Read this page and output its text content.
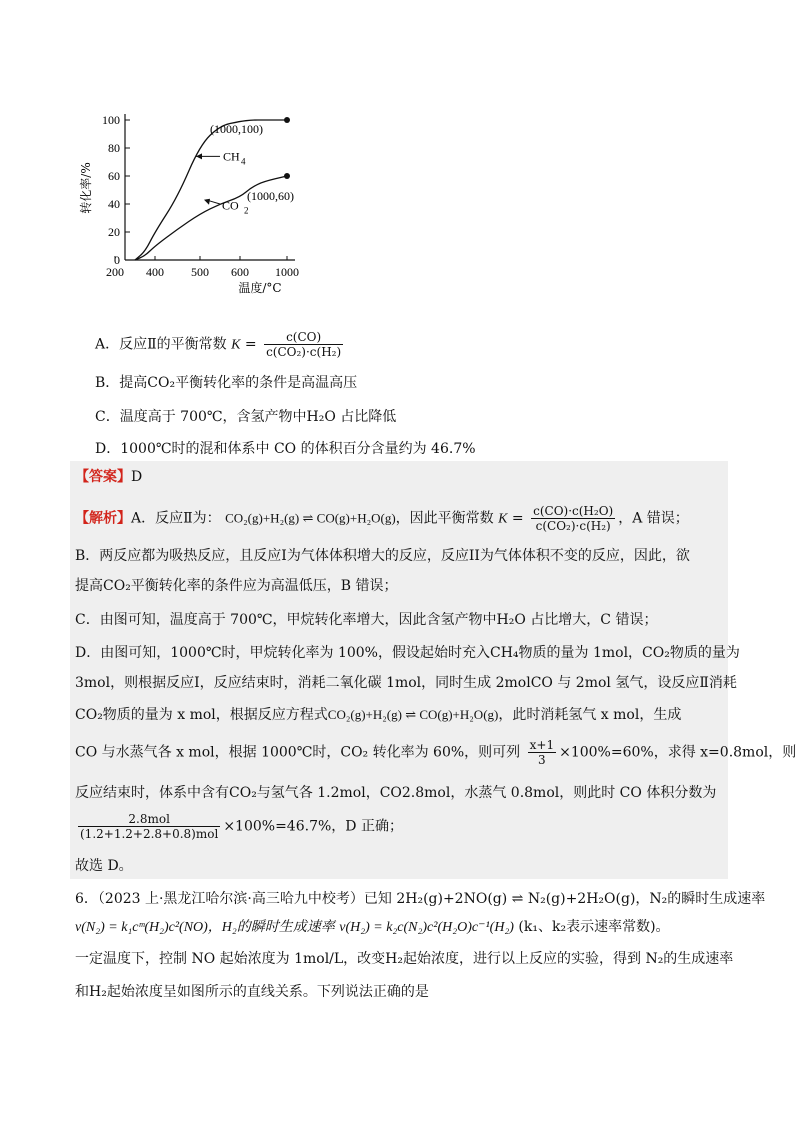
0
20
40
60
80
100
200 400 500 600 1000
温度/°C
转化率/%
(1000,100)
(1000,60)
CH 4
CO 2
A．反应Ⅱ的平衡常数 $K = \frac{c(CO)}{\text{c(CO₂)·c(H₂)}}$
B．提高CO₂平衡转化率的条件是高温高压
C．温度高于 700℃，含氢产物中H₂O 占比降低
D．1000℃时的混和体系中 CO 的体积百分含量约为 46.7%
【答案】D
【解析】A．反应Ⅱ为： CO₂(g)+H₂(g) ⇌ CO(g)+H₂O(g)，因此平衡常数 $K = \frac{\text{c(CO)·c(H₂O)}}{\text{c(CO₂)·c(H₂)}}$ ，A 错误；
B．两反应都为吸热反应，且反应Ⅰ为气体体积增大的反应，反应ⅠⅠ为气体体积不变的反应，因此，欲
提高CO₂平衡转化率的条件应为高温低压，B 错误；
C．由图可知，温度高于 700℃，甲烷转化率增大，因此含氢产物中H₂O 占比增大，C 错误；
D．由图可知，1000℃时，甲烷转化率为 100%，假设起始时充入CH₄物质的量为 1mol，CO₂物质的量为
3mol，则根据反应Ⅰ，反应结束时，消耗二氧化碳 1mol，同时生成 2molCO 与 2mol 氢气，设反应Ⅱ消耗
CO₂物质的量为 x mol，根据反应方程式CO₂(g)+H₂(g) ⇌ CO(g)+H₂O(g)，此时消耗氢气 x mol，生成
CO 与水蒸气各 x mol，根据 1000℃时，CO₂ 转化率为 60%，则可列 $\frac{x+1}{3} \times 100\%=60\%$，求得 x=0.8mol，则
反应结束时，体系中含有CO₂与氢气各 1.2mol，CO2.8mol，水蒸气 0.8mol，则此时 CO 体积分数为
$\frac{\text{2.8mol}}{\text{(1.2+1.2+2.8+0.8)mol}} \times 100\%=46.7\%$，D 正确；
故选 D。
6．（2023 上·黑龙江哈尔滨·高三哈九中校考）已知 2H₂(g)+2NO(g) ⇌ N₂(g)+2H₂O(g)，N₂的瞬时生成速率
v(N₂) = k₁cᵐ(H₂)c²(NO)，H₂的瞬时生成速率 v(H₂) = k₂c(N₂)c²(H₂O)c⁻¹(H₂) (k₁、k₂表示速率常数)。
一定温度下，控制 NO 起始浓度为 1mol/L，改变H₂起始浓度，进行以上反应的实验，得到 N₂的生成速率
和H₂起始浓度呈如图所示的直线关系。下列说法正确的是
